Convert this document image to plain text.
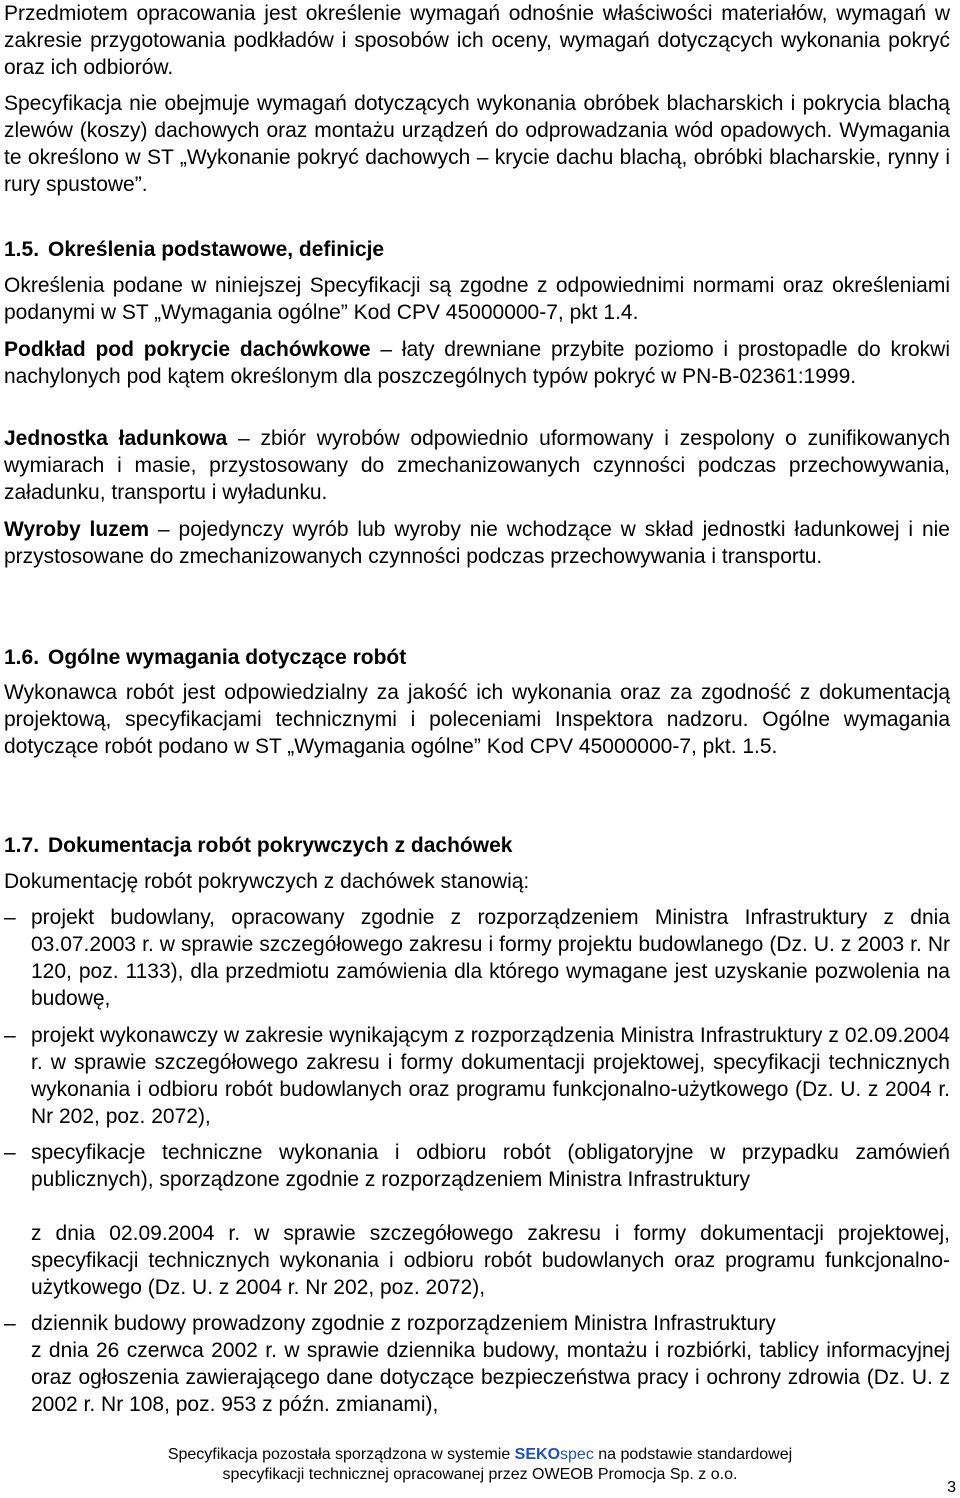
Przedmiotem opracowania jest określenie wymagań odnośnie właściwości materiałów, wymagań w zakresie przygotowania podkładów i sposobów ich oceny, wymagań dotyczących wykonania pokryć oraz ich odbiorów.
Specyfikacja nie obejmuje wymagań dotyczących wykonania obróbek blacharskich i pokrycia blachą zlewów (koszy) dachowych oraz montażu urządzeń do odprowadzania wód opadowych. Wymagania te określono w ST „Wykonanie pokryć dachowych – krycie dachu blachą, obróbki blacharskie, rynny i rury spustowe”.
1.5. Określenia podstawowe, definicje
Określenia podane w niniejszej Specyfikacji są zgodne z odpowiednimi normami oraz określeniami podanymi w ST „Wymagania ogólne” Kod CPV 45000000-7, pkt 1.4.
Podkład pod pokrycie dachówkowe – łaty drewniane przybite poziomo i prostopadle do krokwi nachylonych pod kątem określonym dla poszczególnych typów pokryć w PN-B-02361:1999.
Jednostka ładunkowa – zbiór wyrobów odpowiednio uformowany i zespolony o zunifikowanych wymiarach i masie, przystosowany do zmechanizowanych czynności podczas przechowywania, załadunku, transportu i wyładunku.
Wyroby luzem – pojedynczy wyrób lub wyroby nie wchodzące w skład jednostki ładunkowej i nie przystosowane do zmechanizowanych czynności podczas przechowywania i transportu.
1.6. Ogólne wymagania dotyczące robót
Wykonawca robót jest odpowiedzialny za jakość ich wykonania oraz za zgodność z dokumentacją projektową, specyfikacjami technicznymi i poleceniami Inspektora nadzoru. Ogólne wymagania dotyczące robót podano w ST „Wymagania ogólne” Kod CPV 45000000-7, pkt. 1.5.
1.7. Dokumentacja robót pokrywczych z dachówek
Dokumentację robót pokrywczych z dachówek stanowią:
– projekt budowlany, opracowany zgodnie z rozporządzeniem Ministra Infrastruktury z dnia 03.07.2003 r. w sprawie szczegółowego zakresu i formy projektu budowlanego (Dz. U. z 2003 r. Nr 120, poz. 1133), dla przedmiotu zamówienia dla którego wymagane jest uzyskanie pozwolenia na budowę,
– projekt wykonawczy w zakresie wynikającym z rozporządzenia Ministra Infrastruktury z 02.09.2004 r. w sprawie szczegółowego zakresu i formy dokumentacji projektowej, specyfikacji technicznych wykonania i odbioru robót budowlanych oraz programu funkcjonalno-użytkowego (Dz. U. z 2004 r. Nr 202, poz. 2072),
– specyfikacje techniczne wykonania i odbioru robót (obligatoryjne w przypadku zamówień publicznych), sporządzone zgodnie z rozporządzeniem Ministra Infrastruktury
z dnia 02.09.2004 r. w sprawie szczegółowego zakresu i formy dokumentacji projektowej, specyfikacji technicznych wykonania i odbioru robót budowlanych oraz programu funkcjonalno-użytkowego (Dz. U. z 2004 r. Nr 202, poz. 2072),
– dziennik budowy prowadzony zgodnie z rozporządzeniem Ministra Infrastruktury
z dnia 26 czerwca 2002 r. w sprawie dziennika budowy, montażu i rozbiórki, tablicy informacyjnej oraz ogłoszenia zawierającego dane dotyczące bezpieczeństwa pracy i ochrony zdrowia (Dz. U. z 2002 r. Nr 108, poz. 953 z późn. zmianami),
Specyfikacja pozostała sporządzona w systemie SEKOspec na podstawie standardowej
specyfikacji technicznej opracowanej przez OWEOB Promocja Sp. z o.o.
3
